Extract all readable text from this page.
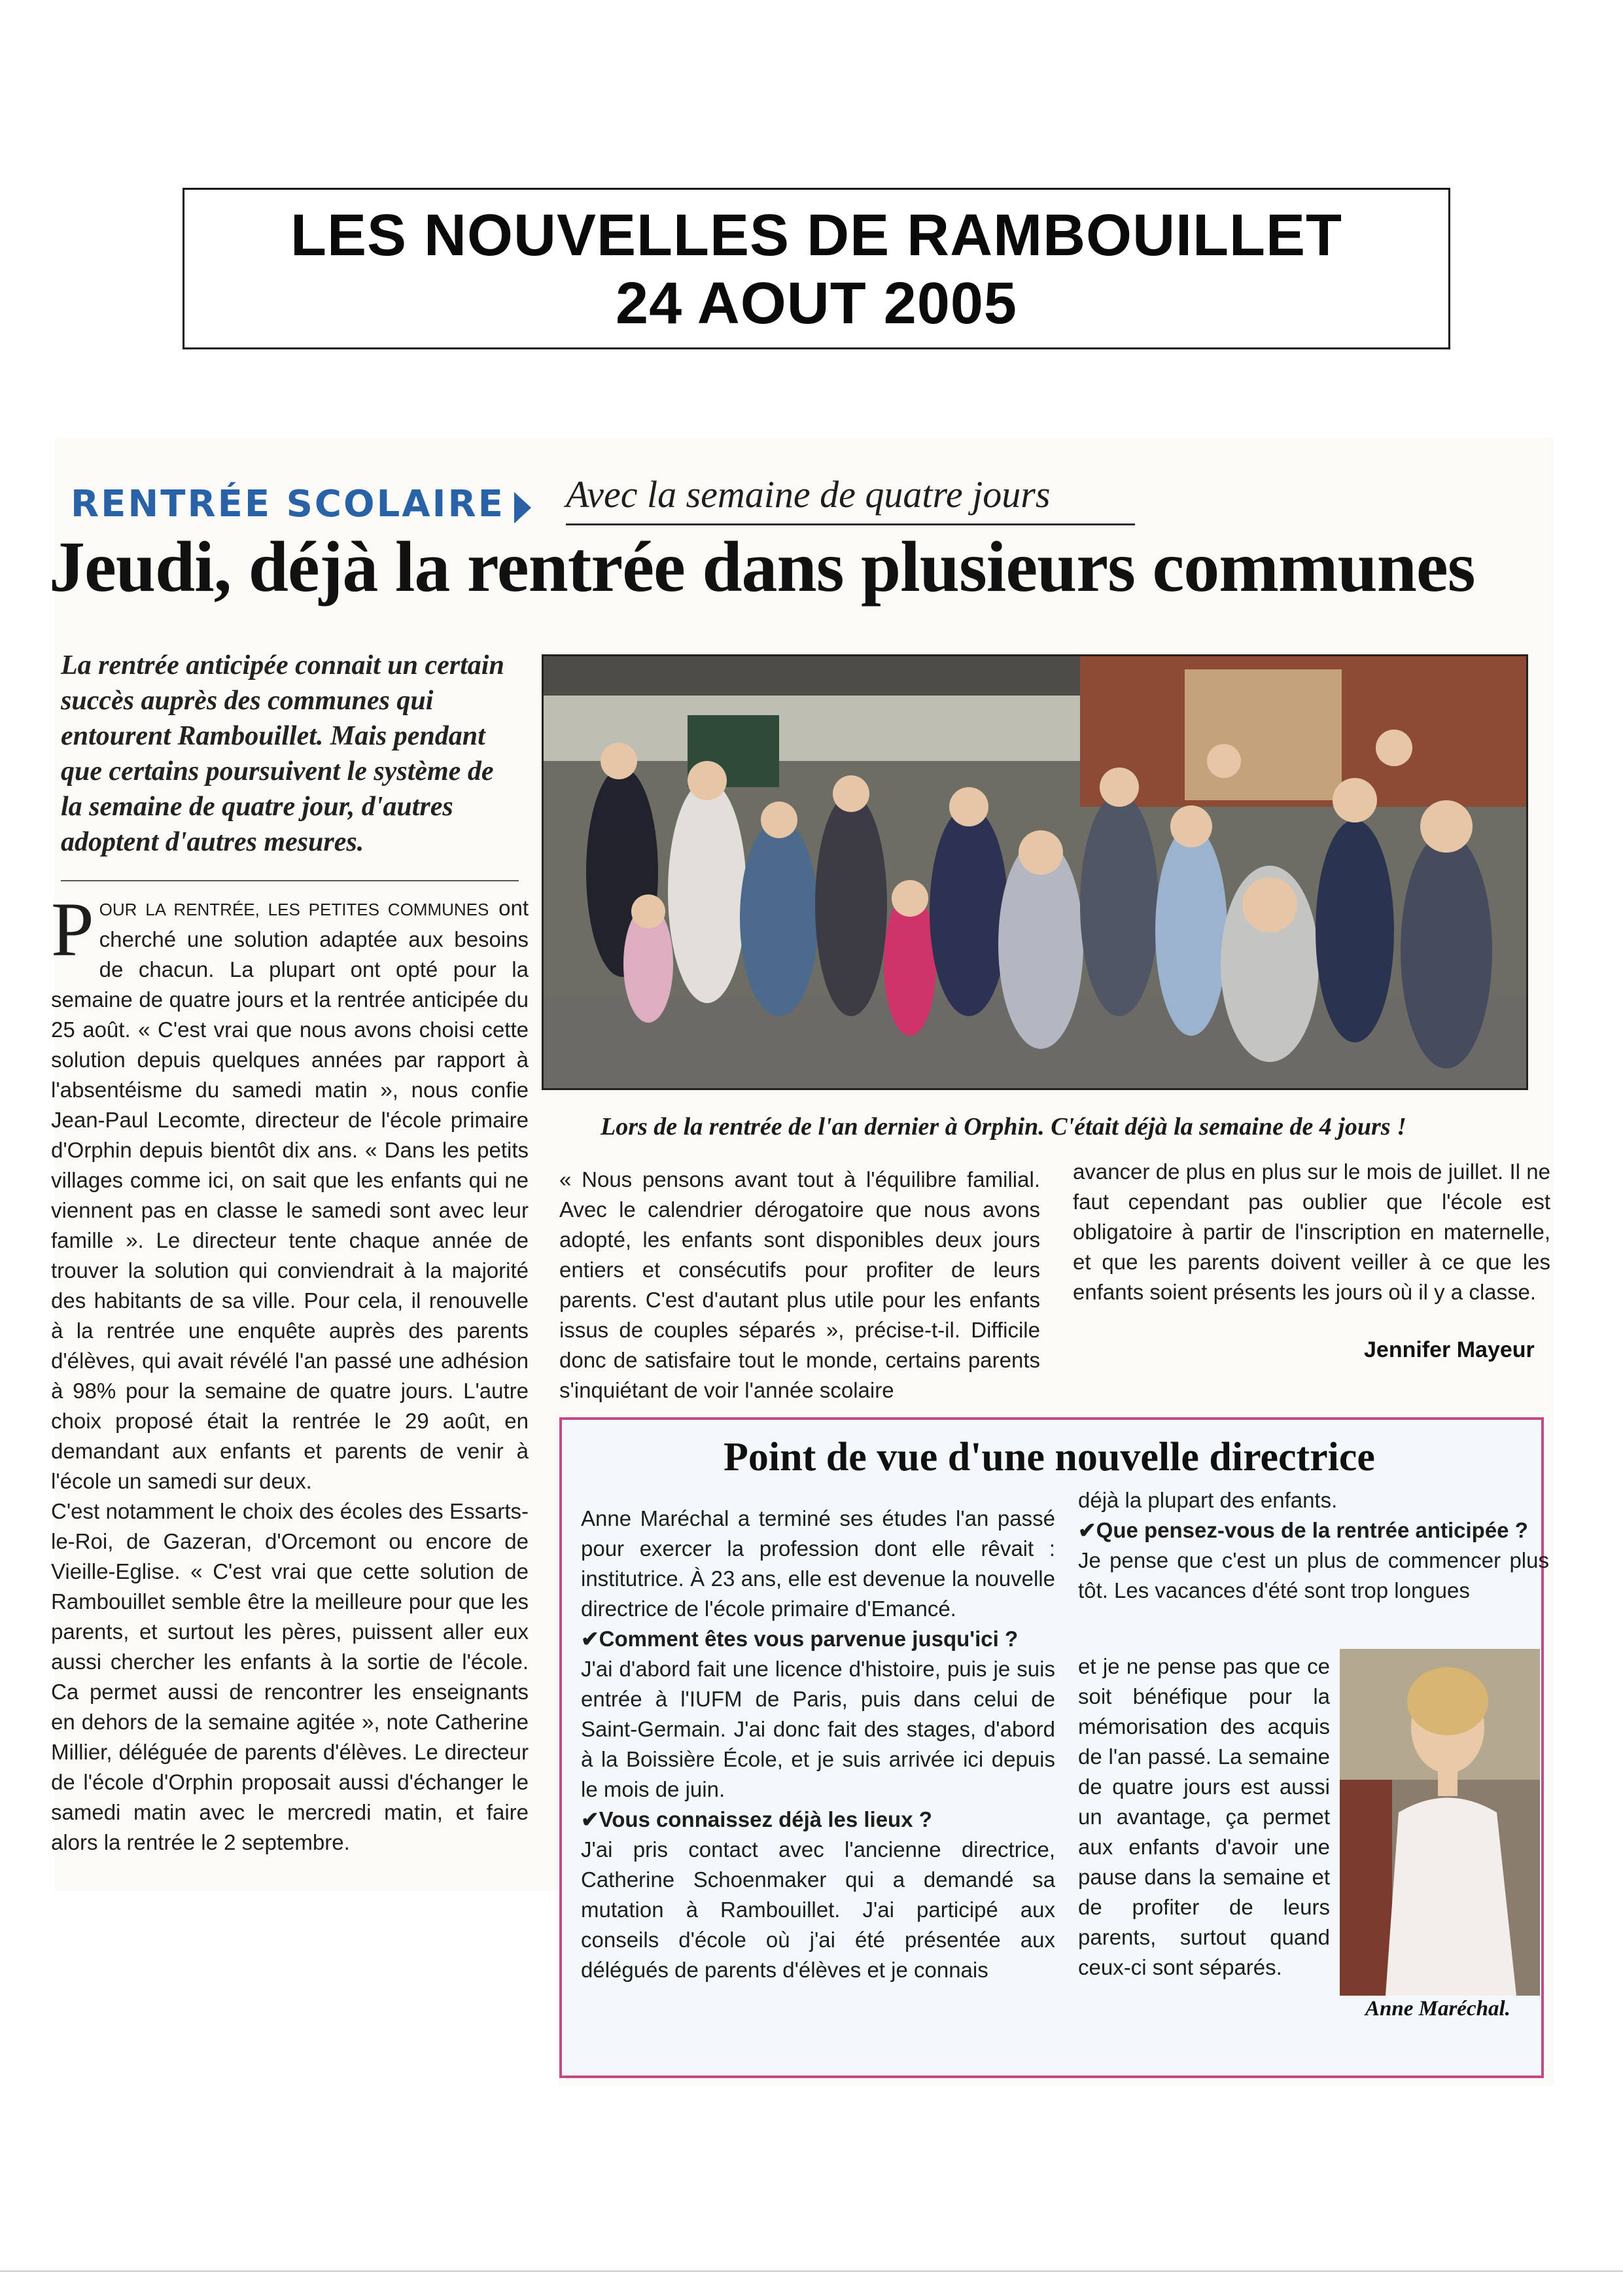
LES NOUVELLES DE RAMBOUILLET
24 AOUT 2005
RENTRÉE SCOLAIRE Avec la semaine de quatre jours
Jeudi, déjà la rentrée dans plusieurs communes
La rentrée anticipée connait un certain succès auprès des communes qui entourent Rambouillet. Mais pendant que certains poursuivent le système de la semaine de quatre jour, d'autres adoptent d'autres mesures.

POUR LA RENTRÉE, LES PETITES COMMUNES ont cherché une solution adaptée aux besoins de chacun. La plupart ont opté pour la semaine de quatre jours et la rentrée anticipée du 25 août. « C'est vrai que nous avons choisi cette solution depuis quelques années par rapport à l'absentéisme du samedi matin », nous confie Jean-Paul Lecomte, directeur de l'école primaire d'Orphin depuis bientôt dix ans. « Dans les petits villages comme ici, on sait que les enfants qui ne viennent pas en classe le samedi sont avec leur famille ». Le directeur tente chaque année de trouver la solution qui conviendrait à la majorité des habitants de sa ville. Pour cela, il renouvelle à la rentrée une enquête auprès des parents d'élèves, qui avait révélé l'an passé une adhésion à 98% pour la semaine de quatre jours. L'autre choix proposé était la rentrée le 29 août, en demandant aux enfants et parents de venir à l'école un samedi sur deux.

C'est notamment le choix des écoles des Essarts-le-Roi, de Gazeran, d'Orcemont ou encore de Vieille-Eglise. « C'est vrai que cette solution de Rambouillet semble être la meilleure pour que les parents, et surtout les pères, puissent aller eux aussi chercher les enfants à la sortie de l'école. Ca permet aussi de rencontrer les enseignants en dehors de la semaine agitée », note Catherine Millier, déléguée de parents d'élèves. Le directeur de l'école d'Orphin proposait aussi d'échanger le samedi matin avec le mercredi matin, et faire alors la rentrée le 2 septembre.

Lors de la rentrée de l'an dernier à Orphin. C'était déjà la semaine de 4 jours !

« Nous pensons avant tout à l'équilibre familial. Avec le calendrier dérogatoire que nous avons adopté, les enfants sont disponibles deux jours entiers et consécutifs pour profiter de leurs parents. C'est d'autant plus utile pour les enfants issus de couples séparés », précise-t-il. Difficile donc de satisfaire tout le monde, certains parents s'inquiétant de voir l'année scolaire

avancer de plus en plus sur le mois de juillet. Il ne faut cependant pas oublier que l'école est obligatoire à partir de l'inscription en maternelle, et que les parents doivent veiller à ce que les enfants soient présents les jours où il y a classe.

Jennifer Mayeur
Point de vue d'une nouvelle directrice

Anne Maréchal a terminé ses études l'an passé pour exercer la profession dont elle rêvait : institutrice. À 23 ans, elle est devenue la nouvelle directrice de l'école primaire d'Emancé.

✔Comment êtes vous parvenue jusqu'ici ?

J'ai d'abord fait une licence d'histoire, puis je suis entrée à l'IUFM de Paris, puis dans celui de Saint-Germain. J'ai donc fait des stages, d'abord à la Boissière École, et je suis arrivée ici depuis le mois de juin.

✔Vous connaissez déjà les lieux ?

J'ai pris contact avec l'ancienne directrice, Catherine Schoenmaker qui a demandé sa mutation à Rambouillet. J'ai participé aux conseils d'école où j'ai été présentée aux délégués de parents d'élèves et je connais

déjà la plupart des enfants.

✔Que pensez-vous de la rentrée anticipée ?

Je pense que c'est un plus de commencer plus tôt. Les vacances d'été sont trop longues

et je ne pense pas que ce soit bénéfique pour la mémorisation des acquis de l'an passé. La semaine de quatre jours est aussi un avantage, ça permet aux enfants d'avoir une pause dans la semaine et de profiter de leurs parents, surtout quand ceux-ci sont séparés.

Anne Maréchal.
